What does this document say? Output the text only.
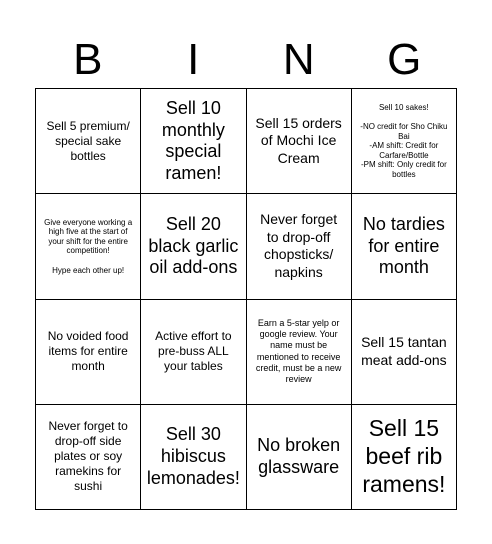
B	I	N	G
Sell 5 premium/ special sake bottles
Sell 10 monthly special ramen!
Sell 15 orders of Mochi Ice Cream
Sell 10 sakes!

-NO credit for Sho Chiku Bai
-AM shift: Credit for Carfare/Bottle
-PM shift: Only credit for bottles
Give everyone working a high five at the start of your shift for the entire competition!

Hype each other up!
Sell 20 black garlic oil add-ons
Never forget to drop-off chopsticks/ napkins
No tardies for entire month
No voided food items for entire month
Active effort to pre-buss ALL your tables
Earn a 5-star yelp or google review. Your name must be mentioned to receive credit, must be a new review
Sell 15 tantan meat add-ons
Never forget to drop-off side plates or soy ramekins for sushi
Sell 30 hibiscus lemonades!
No broken glassware
Sell 15 beef rib ramens!
